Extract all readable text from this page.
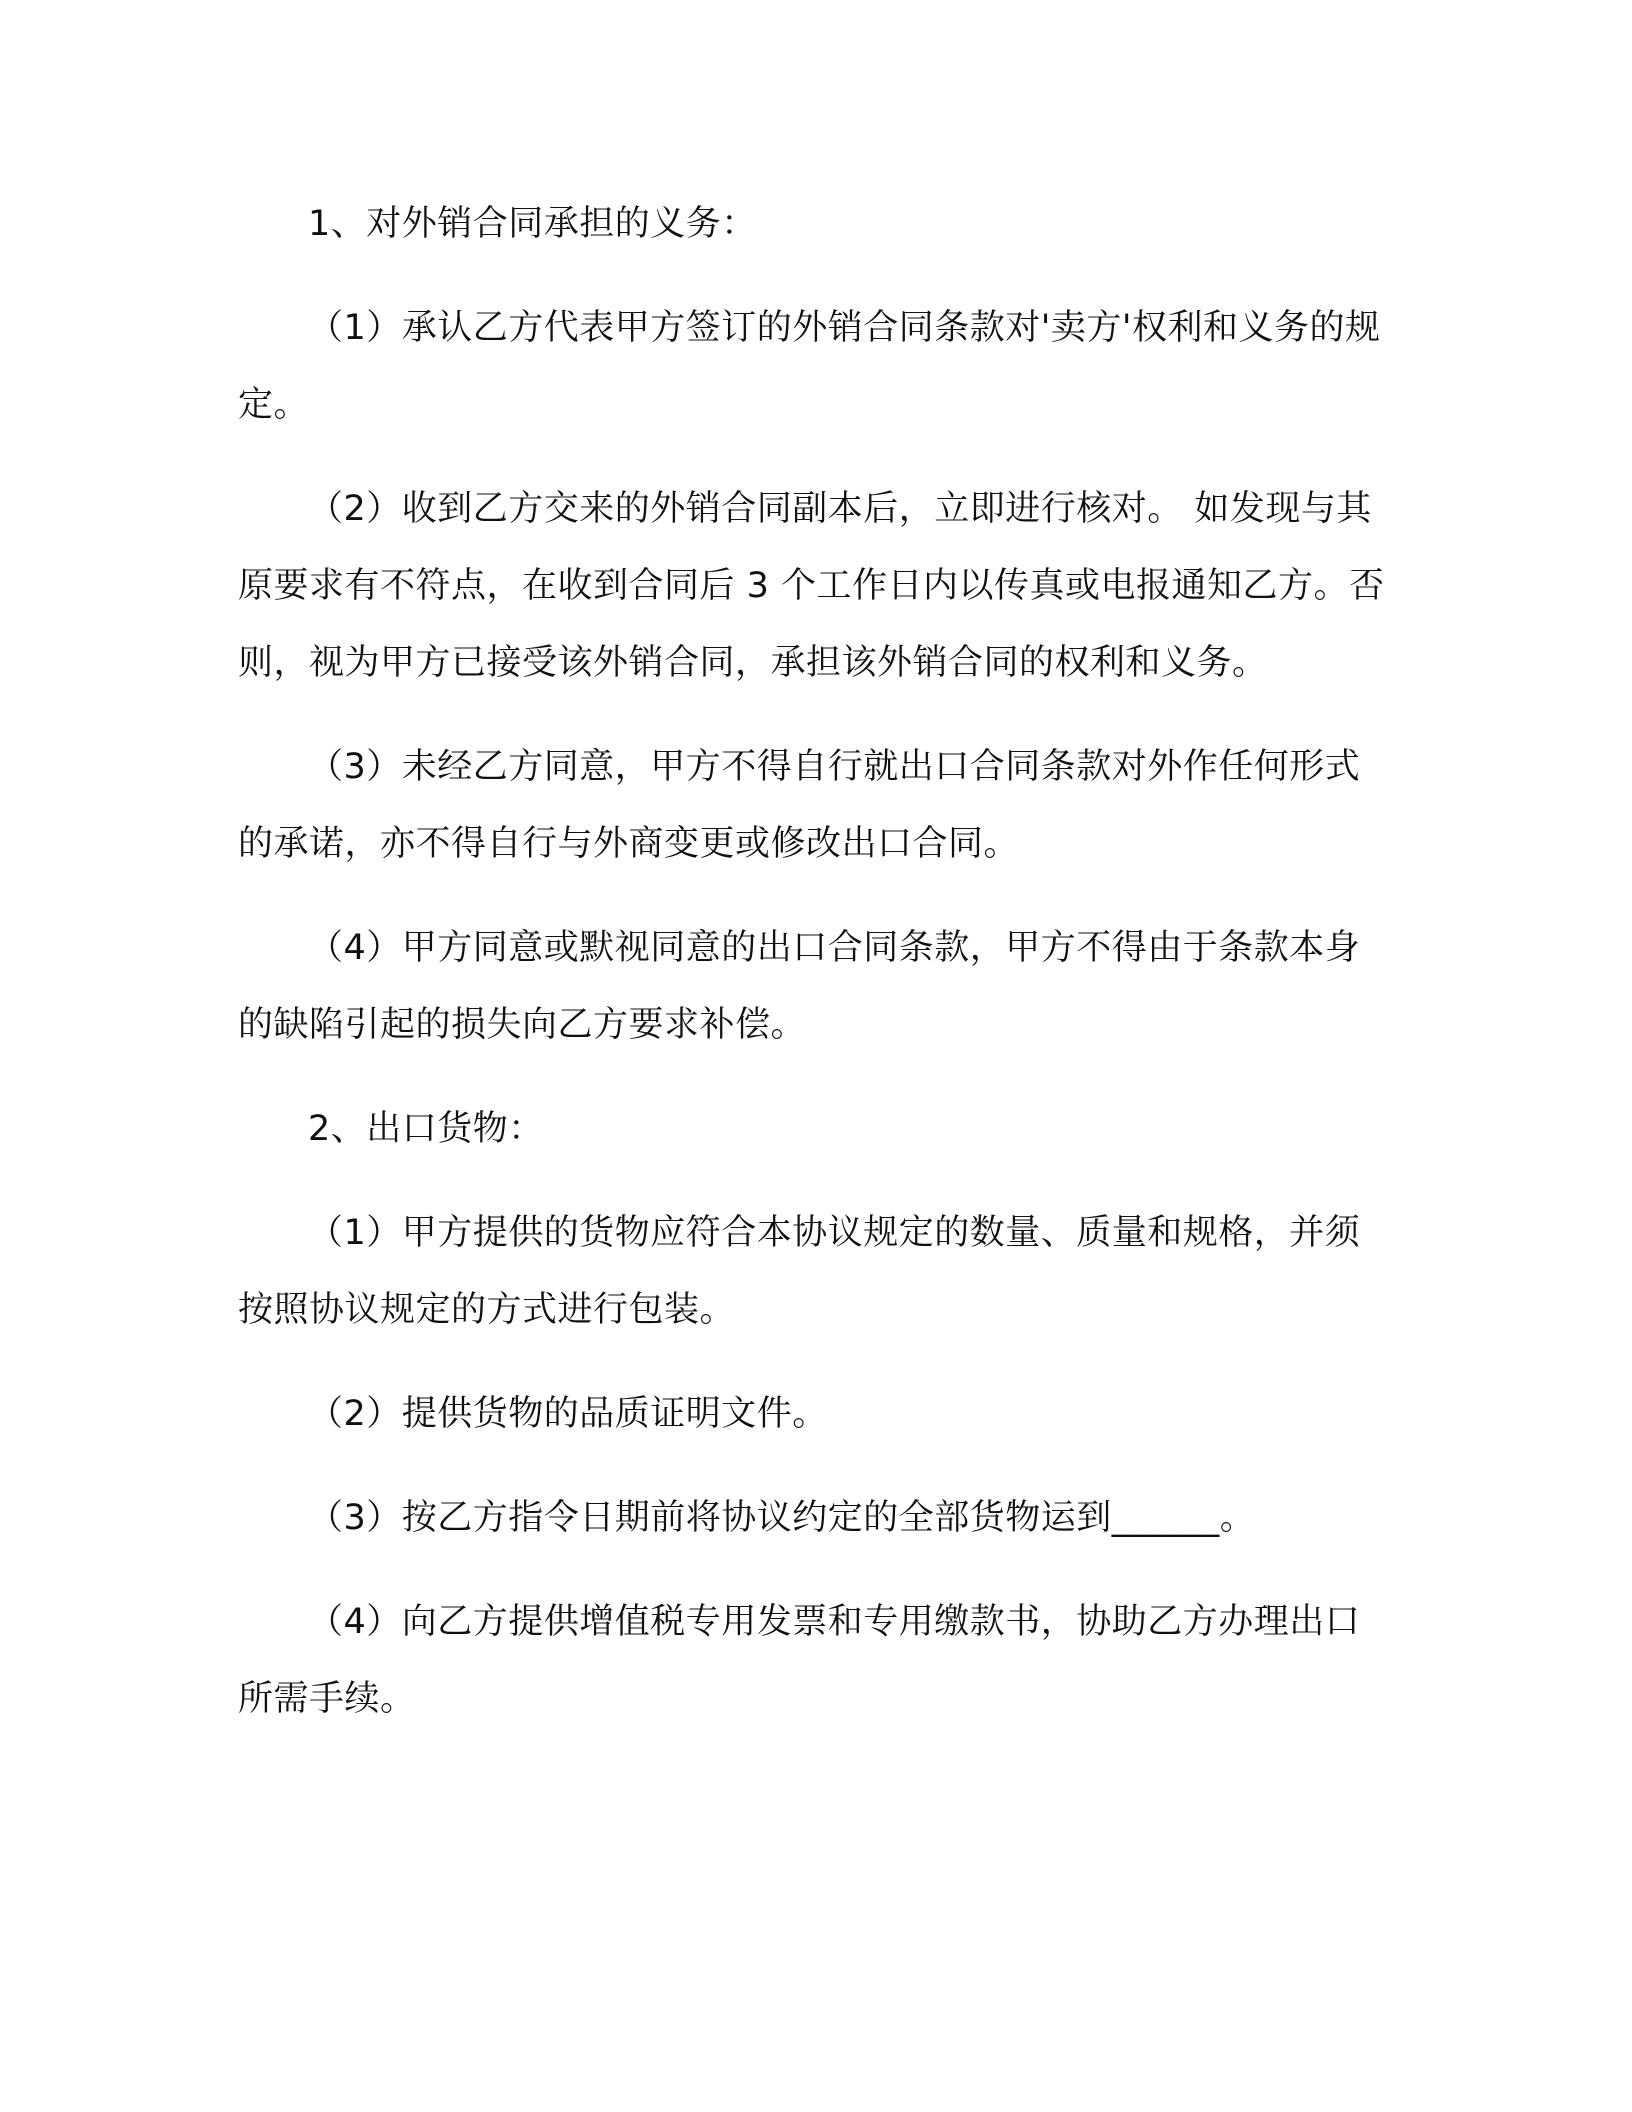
1、对外销合同承担的义务：

（1）承认乙方代表甲方签订的外销合同条款对'卖方'权利和义务的规定。

（2）收到乙方交来的外销合同副本后，立即进行核对。 如发现与其原要求有不符点，在收到合同后 3 个工作日内以传真或电报通知乙方。否则，视为甲方已接受该外销合同，承担该外销合同的权利和义务。

（3）未经乙方同意，甲方不得自行就出口合同条款对外作任何形式的承诺，亦不得自行与外商变更或修改出口合同。

（4）甲方同意或默视同意的出口合同条款，甲方不得由于条款本身的缺陷引起的损失向乙方要求补偿。

2、出口货物：

（1）甲方提供的货物应符合本协议规定的数量、质量和规格，并须按照协议规定的方式进行包装。

（2）提供货物的品质证明文件。

（3）按乙方指令日期前将协议约定的全部货物运到______。

（4）向乙方提供增值税专用发票和专用缴款书，协助乙方办理出口所需手续。
